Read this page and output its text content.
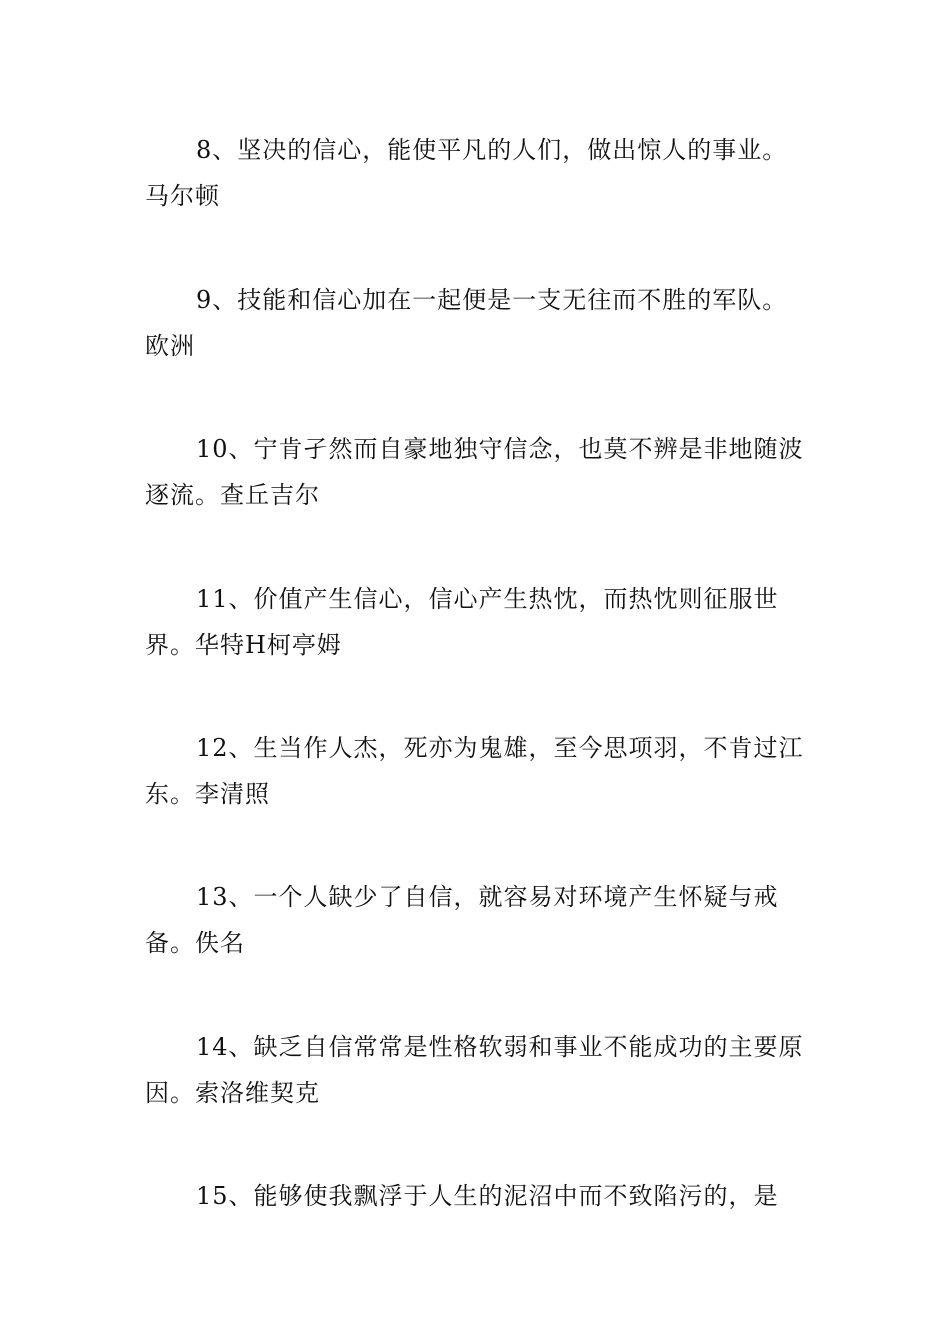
8、坚决的信心，能使平凡的人们，做出惊人的事业。马尔顿

9、技能和信心加在一起便是一支无往而不胜的军队。欧洲

10、宁肯孑然而自豪地独守信念，也莫不辨是非地随波逐流。查丘吉尔

11、价值产生信心，信心产生热忱，而热忱则征服世界。华特H柯亭姆

12、生当作人杰，死亦为鬼雄，至今思项羽，不肯过江东。李清照

13、一个人缺少了自信，就容易对环境产生怀疑与戒备。佚名

14、缺乏自信常常是性格软弱和事业不能成功的主要原因。索洛维契克

15、能够使我飘浮于人生的泥沼中而不致陷污的，是
